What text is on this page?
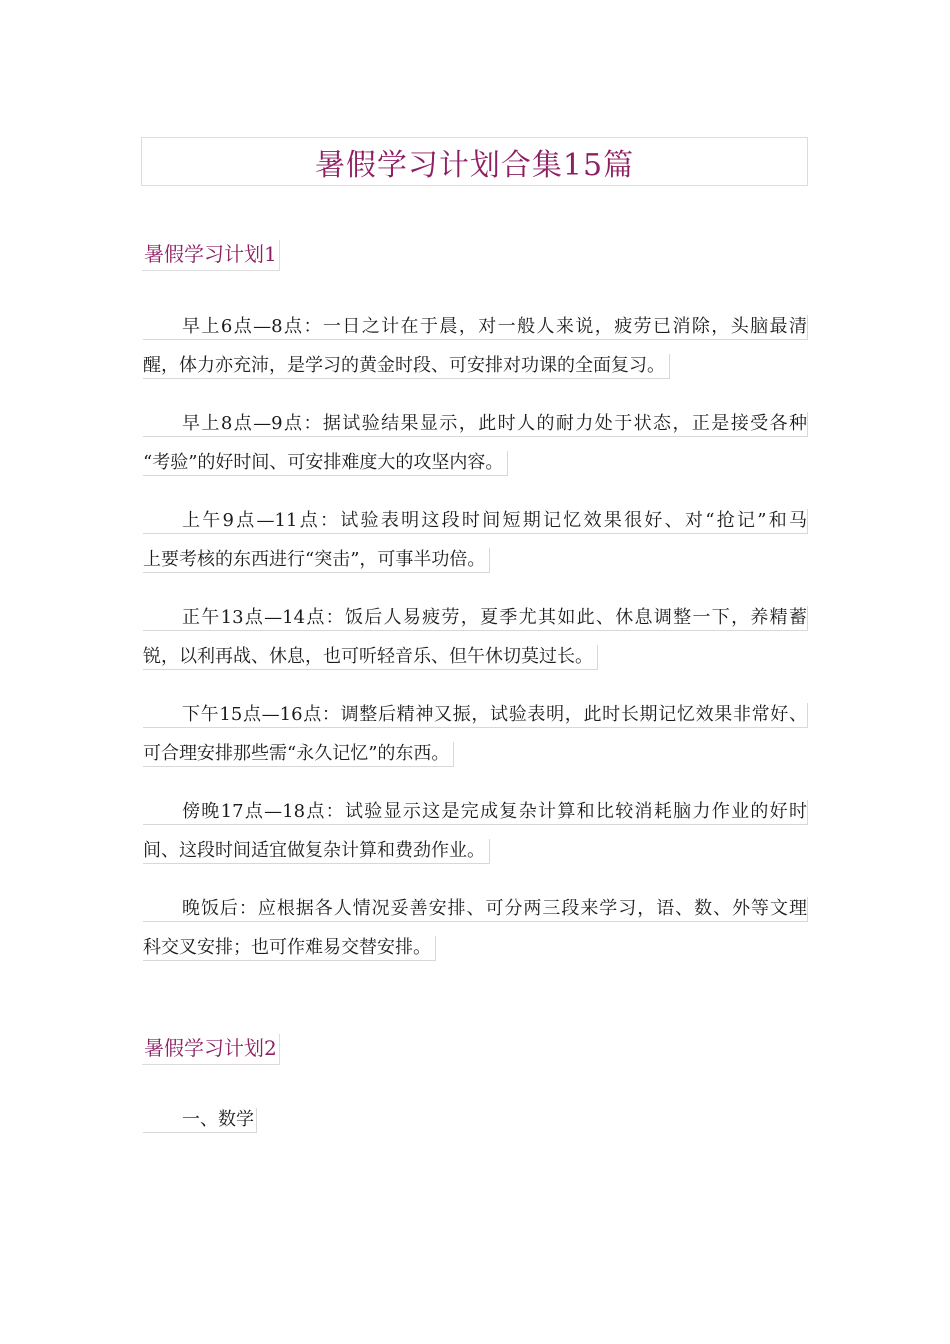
暑假学习计划合集15篇
暑假学习计划1
早上6点—8点：一日之计在于晨，对一般人来说，疲劳已消除，头脑最清
醒，体力亦充沛，是学习的黄金时段、可安排对功课的全面复习。
早上8点—9点：据试验结果显示，此时人的耐力处于状态，正是接受各种
“考验”的好时间、可安排难度大的攻坚内容。
上午9点—11点：试验表明这段时间短期记忆效果很好、对“抢记”和马
上要考核的东西进行“突击”，可事半功倍。
正午13点—14点：饭后人易疲劳，夏季尤其如此、休息调整一下，养精蓄
锐，以利再战、休息，也可听轻音乐、但午休切莫过长。
下午15点—16点：调整后精神又振，试验表明，此时长期记忆效果非常好、
可合理安排那些需“永久记忆”的东西。
傍晚17点—18点：试验显示这是完成复杂计算和比较消耗脑力作业的好时
间、这段时间适宜做复杂计算和费劲作业。
晚饭后：应根据各人情况妥善安排、可分两三段来学习，语、数、外等文理
科交叉安排；也可作难易交替安排。
暑假学习计划2
一、数学
